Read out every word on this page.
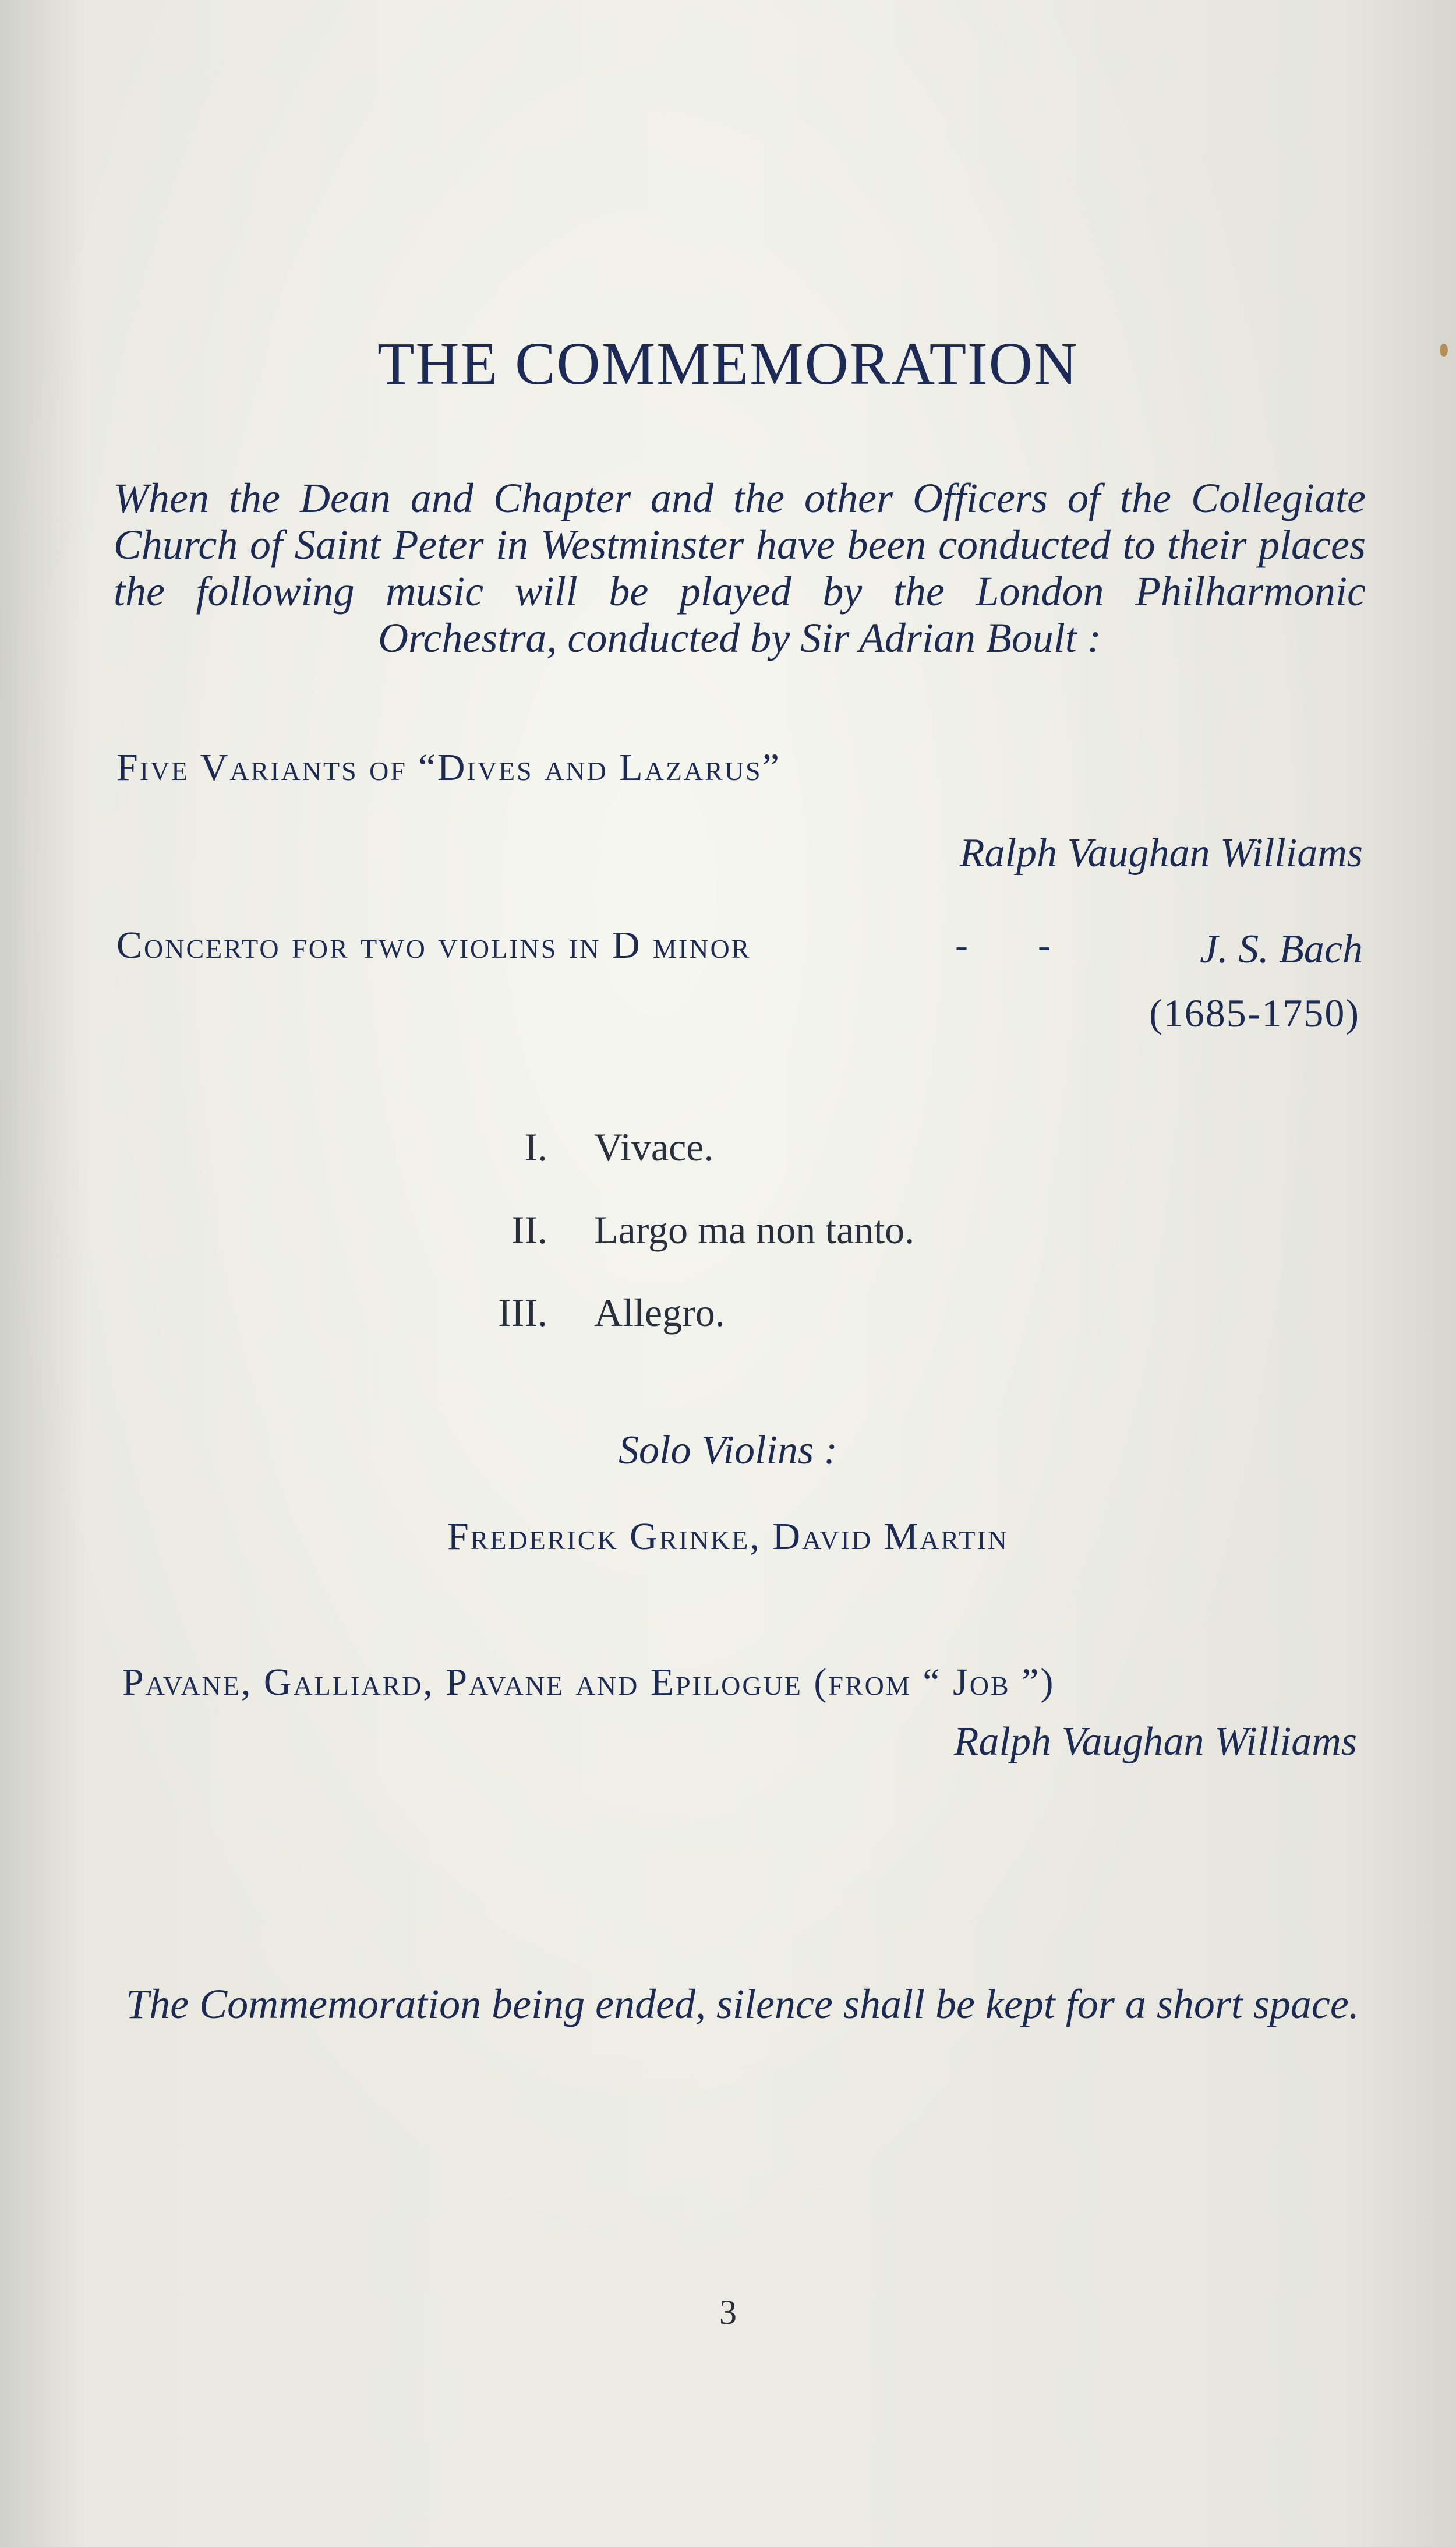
THE COMMEMORATION
When the Dean and Chapter and the other Officers of the Collegiate Church of Saint Peter in Westminster have been conducted to their places the following music will be played by the London Philharmonic Orchestra, conducted by Sir Adrian Boult :
Five Variants of “Dives and Lazarus”
Ralph Vaughan Williams
Concerto for two violins in D minor	-      -	J. S. Bach
(1685-1750)
I. Vivace.
II. Largo ma non tanto.
III. Allegro.
Solo Violins :
Frederick Grinke, David Martin
Pavane, Galliard, Pavane and Epilogue (from “ Job ”)
Ralph Vaughan Williams
The Commemoration being ended, silence shall be kept for a short space.
3
